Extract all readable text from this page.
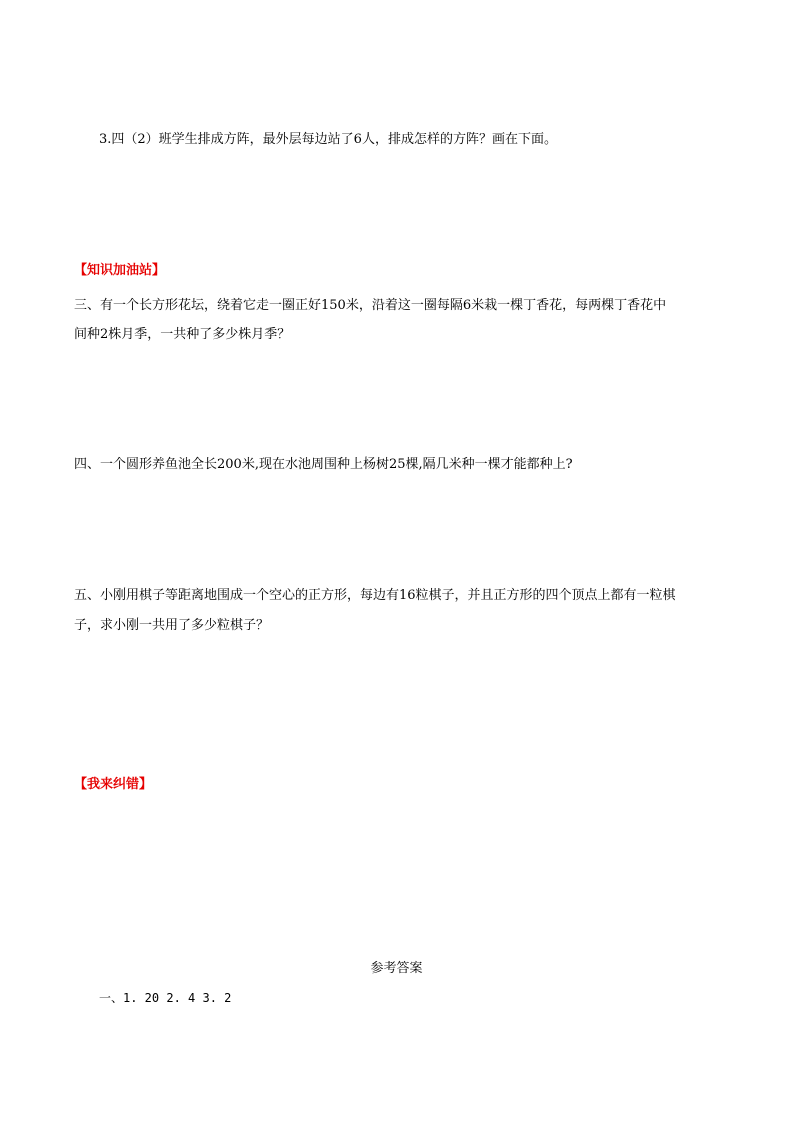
3.四（2）班学生排成方阵，最外层每边站了6人，排成怎样的方阵？画在下面。
【知识加油站】
三、有一个长方形花坛，绕着它走一圈正好150米，沿着这一圈每隔6米栽一棵丁香花，每两棵丁香花中
间种2株月季，一共种了多少株月季？
四、一个圆形养鱼池全长200米,现在水池周围种上杨树25棵,隔几米种一棵才能都种上?
五、小刚用棋子等距离地围成一个空心的正方形，每边有16粒棋子，并且正方形的四个顶点上都有一粒棋
子，求小刚一共用了多少粒棋子？
【我来纠错】
参考答案
一、1. 20 2. 4 3. 2
